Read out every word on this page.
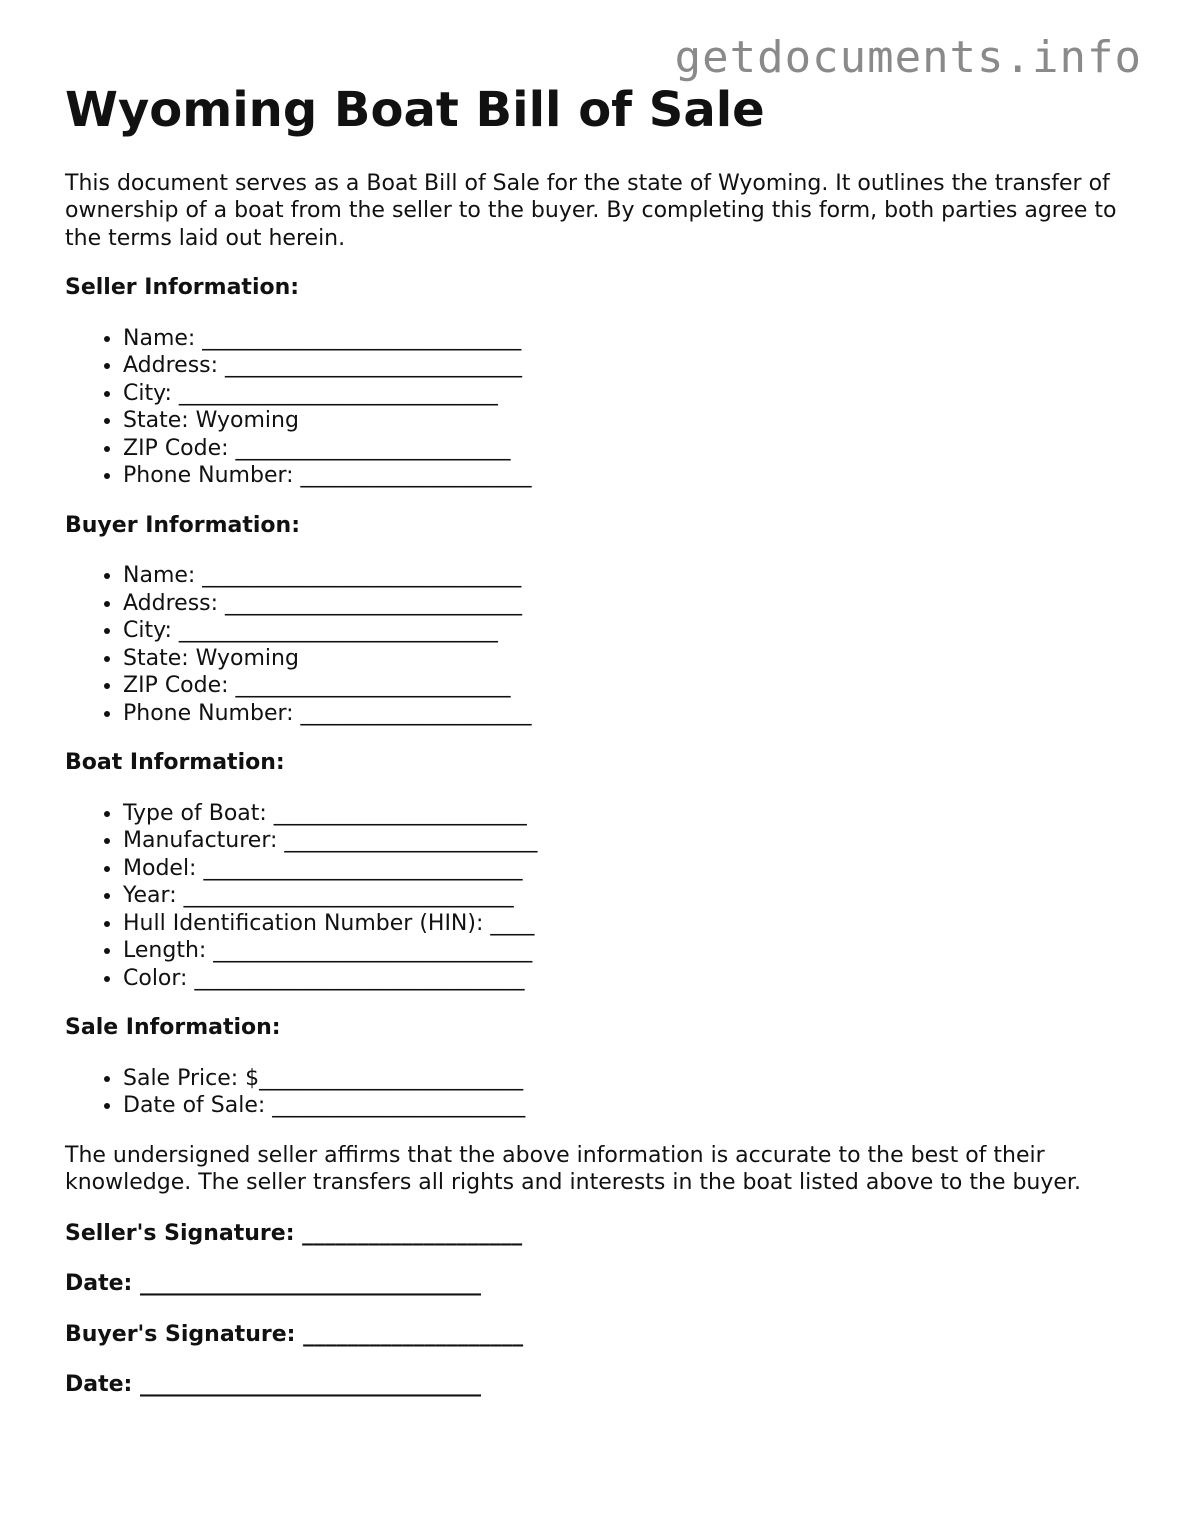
getdocuments.info
Wyoming Boat Bill of Sale

This document serves as a Boat Bill of Sale for the state of Wyoming. It outlines the transfer of ownership of a boat from the seller to the buyer. By completing this form, both parties agree to the terms laid out herein.

Seller Information:
• Name: _____________________________
• Address: ___________________________
• City: _____________________________
• State: Wyoming
• ZIP Code: _________________________
• Phone Number: _____________________
Buyer Information:
• Name: _____________________________
• Address: ___________________________
• City: _____________________________
• State: Wyoming
• ZIP Code: _________________________
• Phone Number: _____________________
Boat Information:
• Type of Boat: _______________________
• Manufacturer: _______________________
• Model: _____________________________
• Year: ______________________________
• Hull Identification Number (HIN): ____
• Length: _____________________________
• Color: ______________________________
Sale Information:
• Sale Price: $________________________
• Date of Sale: _______________________

The undersigned seller affirms that the above information is accurate to the best of their knowledge. The seller transfers all rights and interests in the boat listed above to the buyer.

Seller's Signature: ____________________

Date: _______________________________

Buyer's Signature: ____________________

Date: _______________________________
